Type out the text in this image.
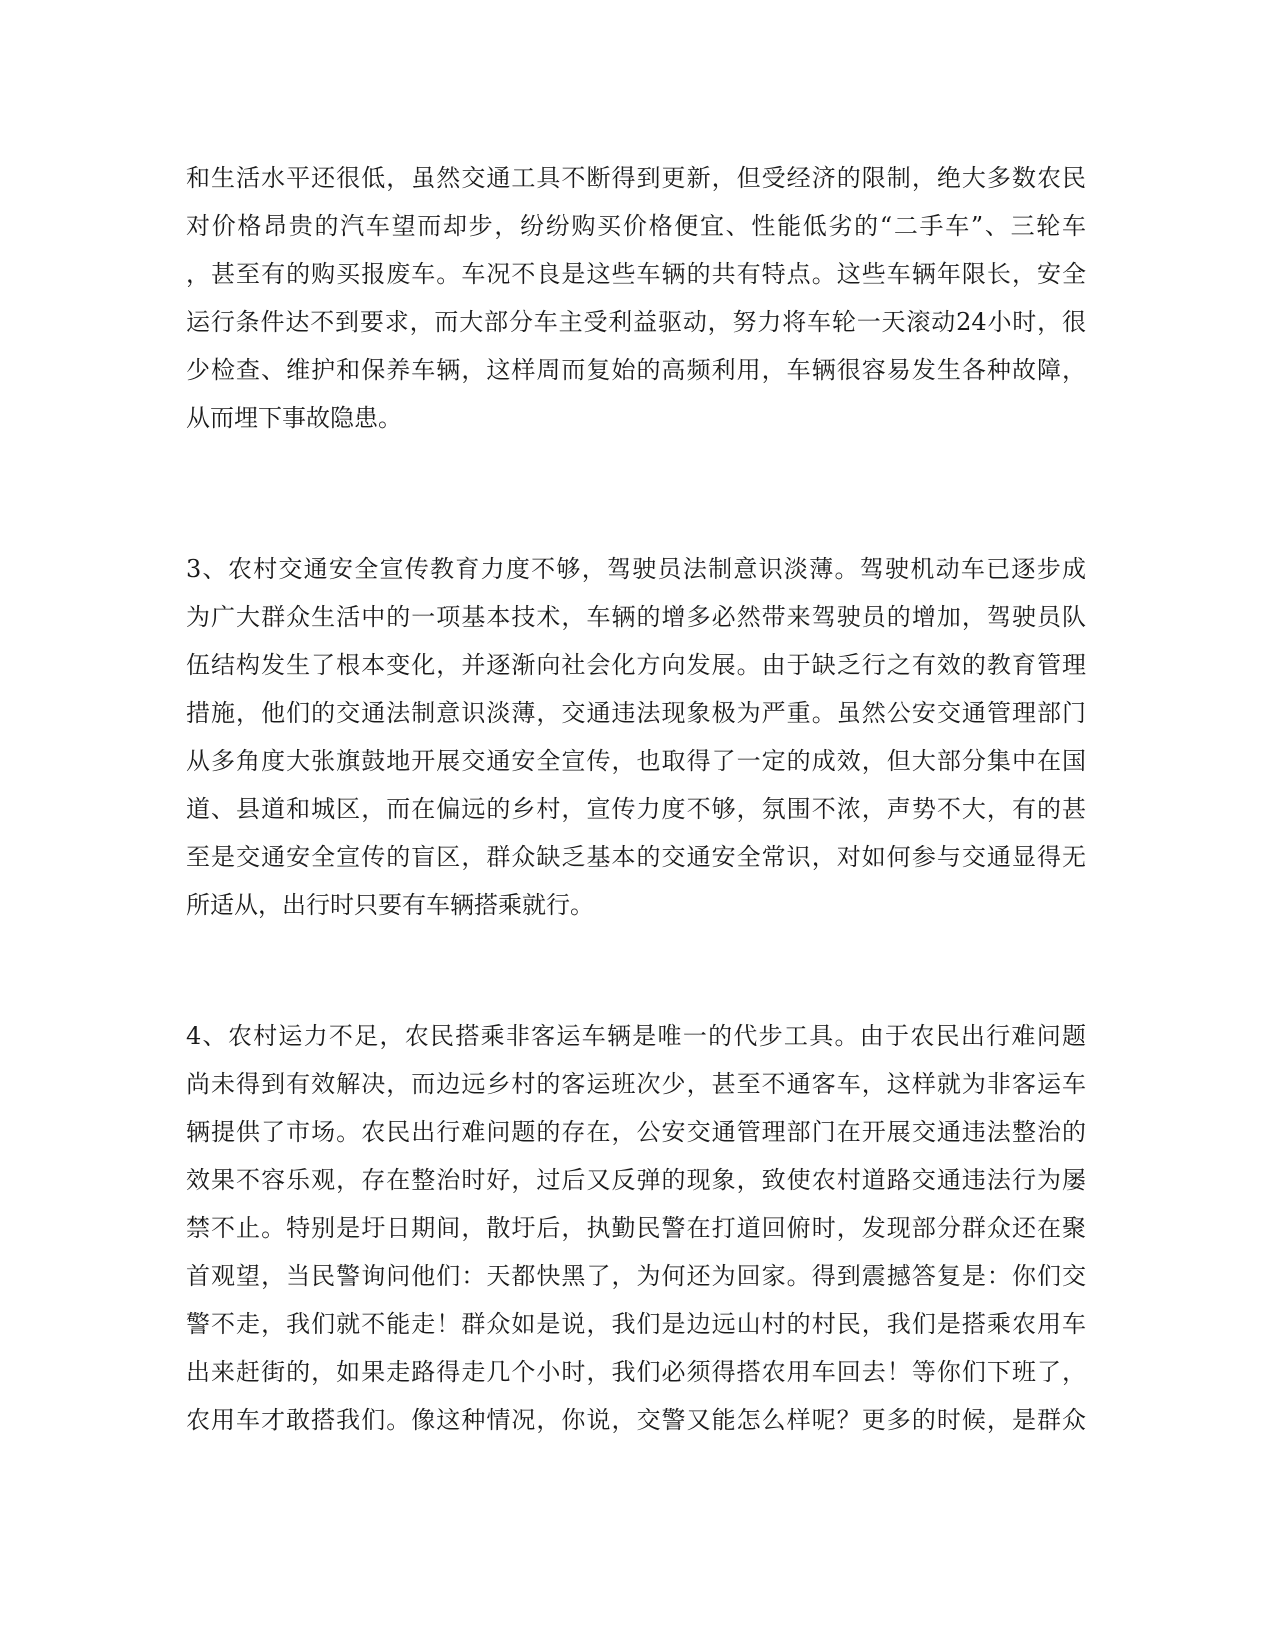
和生活水平还很低，虽然交通工具不断得到更新，但受经济的限制，绝大多数农民
对价格昂贵的汽车望而却步，纷纷购买价格便宜、性能低劣的“二手车”、三轮车
，甚至有的购买报废车。车况不良是这些车辆的共有特点。这些车辆年限长，安全
运行条件达不到要求，而大部分车主受利益驱动，努力将车轮一天滚动24小时，很
少检查、维护和保养车辆，这样周而复始的高频利用，车辆很容易发生各种故障，
从而埋下事故隐患。
3、农村交通安全宣传教育力度不够，驾驶员法制意识淡薄。驾驶机动车已逐步成
为广大群众生活中的一项基本技术，车辆的增多必然带来驾驶员的增加，驾驶员队
伍结构发生了根本变化，并逐渐向社会化方向发展。由于缺乏行之有效的教育管理
措施，他们的交通法制意识淡薄，交通违法现象极为严重。虽然公安交通管理部门
从多角度大张旗鼓地开展交通安全宣传，也取得了一定的成效，但大部分集中在国
道、县道和城区，而在偏远的乡村，宣传力度不够，氛围不浓，声势不大，有的甚
至是交通安全宣传的盲区，群众缺乏基本的交通安全常识，对如何参与交通显得无
所适从，出行时只要有车辆搭乘就行。
4、农村运力不足，农民搭乘非客运车辆是唯一的代步工具。由于农民出行难问题
尚未得到有效解决，而边远乡村的客运班次少，甚至不通客车，这样就为非客运车
辆提供了市场。农民出行难问题的存在，公安交通管理部门在开展交通违法整治的
效果不容乐观，存在整治时好，过后又反弹的现象，致使农村道路交通违法行为屡
禁不止。特别是圩日期间，散圩后，执勤民警在打道回俯时，发现部分群众还在聚
首观望，当民警询问他们：天都快黑了，为何还为回家。得到震撼答复是：你们交
警不走，我们就不能走！群众如是说，我们是边远山村的村民，我们是搭乘农用车
出来赶街的，如果走路得走几个小时，我们必须得搭农用车回去！等你们下班了，
农用车才敢搭我们。像这种情况，你说，交警又能怎么样呢？更多的时候，是群众
